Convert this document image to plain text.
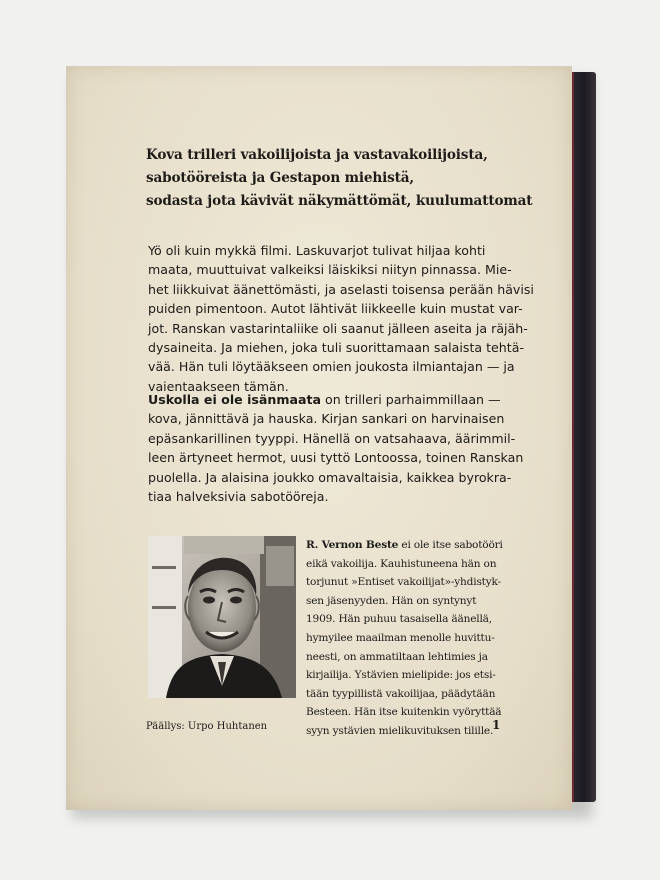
Kova trilleri vakoilijoista ja vastavakoilijoista,
sabotööreista ja Gestapon miehistä,
sodasta jota kävivät näkymättömät, kuulumattomat
Yö oli kuin mykkä filmi. Laskuvarjot tulivat hiljaa kohti
maata, muuttuivat valkeiksi läiskiksi niityn pinnassa. Mie-
het liikkuivat äänettömästi, ja aselasti toisensa perään hävisi
puiden pimentoon. Autot lähtivät liikkeelle kuin mustat var-
jot. Ranskan vastarintaliike oli saanut jälleen aseita ja räjäh-
dysaineita. Ja miehen, joka tuli suorittamaan salaista tehtä-
vää. Hän tuli löytääkseen omien joukosta ilmiantajan — ja
vaientaakseen tämän.
Uskolla ei ole isänmaata on trilleri parhaimmillaan —
kova, jännittävä ja hauska. Kirjan sankari on harvinaisen
epäsankarillinen tyyppi. Hänellä on vatsahaava, äärimmil-
leen ärtyneet hermot, uusi tyttö Lontoossa, toinen Ranskan
puolella. Ja alaisina joukko omavaltaisia, kaikkea byrokra-
tiaa halveksivia sabotööreja.
R. Vernon Beste ei ole itse sabotööri
eikä vakoilija. Kauhistuneena hän on
torjunut »Entiset vakoilijat»-yhdistyk-
sen jäsenyyden. Hän on syntynyt
1909. Hän puhuu tasaisella äänellä,
hymyilee maailman menolle huvittu-
neesti, on ammatiltaan lehtimies ja
kirjailija. Ystävien mielipide: jos etsi-
tään tyypillistä vakoilijaa, päädytään
Besteen. Hän itse kuitenkin vyöryttää
syyn ystävien mielikuvituksen tilille.
Päällys: Urpo Huhtanen	1
